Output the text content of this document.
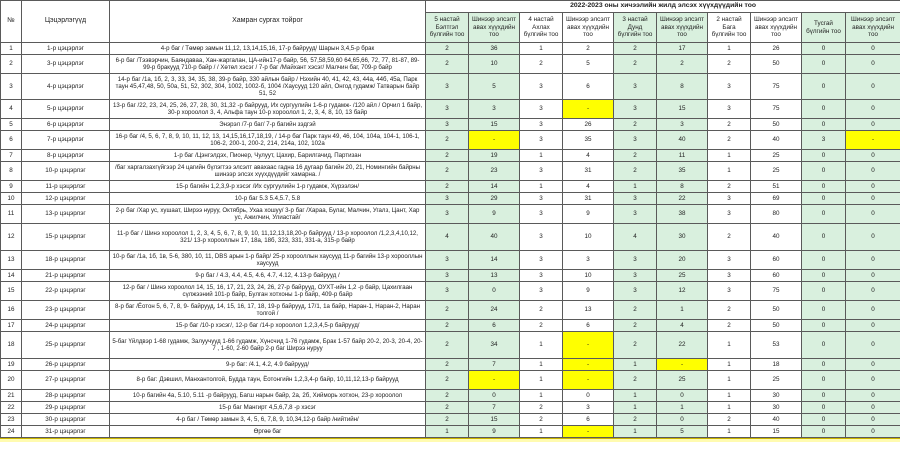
№	Цэцэрлэгүүд	Хамран сургах тойрог	2022-2023 оны хичээлийн жилд элсэх хүүхдүүдийн тоо									
			5 настай Бэлтгэл бүлгийн тоо	Шинээр элсэлт авах хүүхдийн тоо	4 настай Ахлах бүлгийн тоо	Шинээр элсэлт авах хүүхдийн тоо	3 настай Дунд бүлгийн тоо	Шинээр элсэлт авах хүүхдийн тоо	2 настай Бага бүлгийн тоо	Шинээр элсэлт авах хүүхдийн тоо	Тусгай бүлгийн тоо	Шинээр элсэлт авах хүүхдийн тоо
1	1-р цэцэрлэг	4-р баг / Төмөр замын 11,12, 13,14,15,16, 17-р байрууд/ Шарын 3,4,5-р брак	2	36	1	2	2	17	1	26	0	0
2	3-р цэцэрлэг	6-р баг /Тээвэрчин, Баяндавaа, Хан-жаргалан, ЦА-ийн17-р байр, 56, 57,58,59,60 64,65,66, 72, 77, 81-87, 89-99-р бракууд 710-р байр / / Хөтөл хэсэг / 7-р баг /Майхант хэсэг/ Малчин баг, 709-р байр	2	10	2	5	2	2	2	50	0	0
3	4-р цэцэрлэг	14-р баг /1а, 1б, 2, 3, 33, 34, 35, 38, 39-р байр, 330 айлын байр / Нэхийн 40, 41, 42, 43, 44а, 44б, 45а, Парк таун 45,47,48, 50, 50а, 51, 52, 302, 304, 1002, 1002-б, 1004 /Хаусууд 120 айл, Онгод гудамж/ Татварын байр 51, 52	3	5	3	6	3	8	3	75	0	0
4	5-р цэцэрлэг	13-р баг /22, 23, 24, 25, 26, 27, 28, 30, 31,32 -р байрууд, Их сургуулийн 1-6-р гудамж- /120 айл / Орчил 1 байр, 30-р хороолол 3, 4, Альфа таун 10-р хороолол 1, 2, 3, 4, 8, 10, 13 байр	3	3	3	-	3	15	3	75	0	0
5	6-р цэцэрлэг	Энэрэл /7-р баг/ 7-р багийн зэдгэй	3	15	3	26	2	3	2	50	0	0
6	7-р цэцэрлэг	16-р баг /4, 5, 6, 7, 8, 9, 10, 11, 12, 13, 14,15,16,17,18,19, / 14-р баг Парк таун 49, 46, 104, 104а, 104-1, 106-1, 106-2, 200-1, 200-2, 214, 214а, 102, 102а	2	-	3	35	3	40	2	40	3	-
7	8-р цэцэрлэг	1-р баг /Цэнгэлдэх, Пионер, Чулуут, Цахир, Барилгачид, Партизан	2	19	1	4	2	11	1	25	0	0
8	10-р цэцэрлэг	/баг харгалзахгүйгээр 24 цагийн бүлэгтээ элсэлт авахаас гадна 16 дугаар багийн 20, 21, Номингийн байрны шинээр элсэх хүүхдүүдийг хамарна. /	2	23	3	31	2	35	1	25	0	0
9	11-р цэцэрлэг	15-р багийн 1,2,3,9-р хэсэг /Их сургуулийн 1-р гудамж, Хүрээлэн/	2	14	1	4	1	8	2	51	0	0
10	12-р цэцэрлэг	10-р баг 5.3 5.4,5.7, 5.8	3	29	3	31	3	22	3	69	0	0
11	13-р цэцэрлэг	2-р баг /Хар ус, хушаат, Ширээ нуруу, Октябрь, Ухаа хошуу/ 3-р баг /Харaa, Булаг, Малчин, Угалз, Цант, Хар ус, Ажилчин, Улиастай/	3	9	3	9	3	38	3	80	0	0
12	15-р цэцэрлэг	11-р баг / Шинэ хороолол 1, 2, 3, 4, 5, 6, 7, 8, 9, 10, 11,12,13,18,20-р байрууд / 13-р хороолол /1,2,3,4,10,12, 321/ 13-р хорооллын 17, 18а, 18б, 323, 331, 331-а, 315-р байр	4	40	3	10	4	30	2	40	0	0
13	18-р цэцэрлэг	10-р баг /1а, 1б, 1в, 5-6, 380, 10, 11, DBS арын 1-р байр/ 25-р хорооллын хаусууд 11-р багийн 13-р хорооллын хаусууд	3	14	3	3	3	20	3	60	0	0
14	21-р цэцэрлэг	9-р баг / 4.3, 4.4, 4.5, 4.6, 4.7, 4.12, 4.13-р байрууд /	3	13	3	10	3	25	3	60	0	0
15	22-р цэцэрлэг	12-р баг / Шинэ хороолол 14, 15, 16, 17, 21, 23, 24, 26, 27-р байрууд, ОУХТ-ийн 1,2 -р байр, Цахилгаан сүлжээний 101-р байр, Булган хотхоны 1-р байр, 409-р байр	3	0	3	9	3	12	3	75	0	0
16	23-р цэцэрлэг	8-р баг /Ёотон 5, 6, 7, 8, 9- байрууд, 14, 15, 16, 17, 18, 19-р байрууд, 17/1, 1а байр, Наран-1, Наран-2, Наран толгой /	2	24	2	13	2	1	2	50	0	0
17	24-р цэцэрлэг	15-р баг /10-р хэсэг/, 12-р баг /14-р хороолол 1,2,3,4,5-р байрууд/	2	6	2	6	2	4	2	50	0	0
18	25-р цэцэрлэг	5-баг Үйлдвэр 1-68 гудамж, Залуучууд 1-66 гудамж, Хүнсчид 1-76 гудамж, Брак 1-57 байр 20-2, 20-3, 20-4, 20-7 , 1-60, 2-60 байр 2-р баг Ширээ нуруу	2	34	1	-	2	22	1	53	0	0
19	26-р цэцэрлэг	9-р баг: /4.1, 4.2, 4.9 байрууд/	2	7	1	-	1	-	1	18	0	0
20	27-р цэцэрлэг	8-р баг: Дэвшил, Манхантолгой, Будда таун, Ёотонгийн 1,2,3,4-р байр, 10,11,12,13-р байрууд	2	-	1	-	2	25	1	25	0	0
21	28-р цэцэрлэг	10-р багийн 4а, 5.10, 5.11 -р байрууд, Багш нарын байр, 2а, 2б, Хийморь хотхон, 23-р хороолол	2	0	1	0	1	0	1	30	0	0
22	29-р цэцэрлэг	15-р баг Мангирт 4,5,6,7,8 -р хэсэг	2	7	2	3	1	1	1	30	0	0
23	30-р цэцэрлэг	4-р баг / Төмөр замын 3, 4, 5, 6, 7,8, 9, 10,34,12-р байр /нийтийн/	2	15	2	6	2	0	2	40	0	0
24	31-р цэцэрлэг	Өргөө баг	1	9	1	-	1	5	1	15	0	0
